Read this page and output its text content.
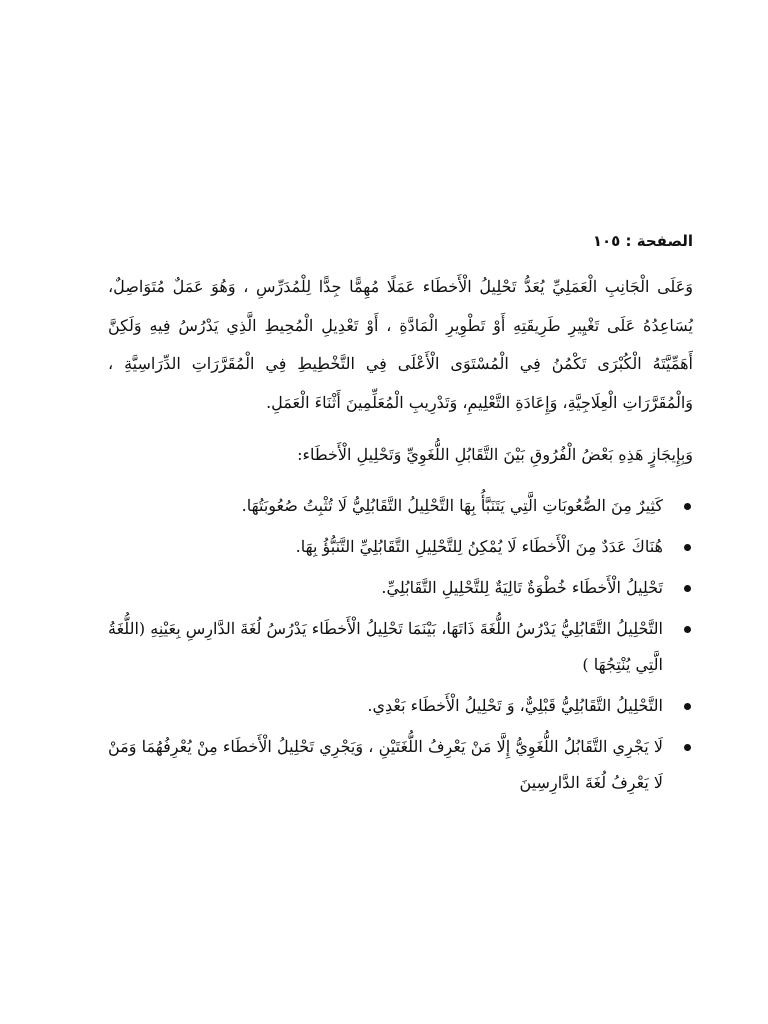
الصفحة : ١٠٥

وَعَلَى الْجَانِبِ الْعَمَلِيِّ يُعَدُّ تَحْلِيلُ الْأَخطَاء عَمَلًا مُهِمًّا جِدًّا لِلْمُدَرِّسِ ، وَهُوَ عَمَلٌ مُتَوَاصِلٌ، يُسَاعِدُهُ عَلَى تَغْيِيرِ طَرِيقَتِهِ أَوْ تَطْوِيرِ الْمَادَّةِ ، أَوْ تَعْدِيلِ الْمُحِيطِ الَّذِي يَدْرُسُ فِيهِ وَلَكِنَّ أَهَمِّيَّتَهُ الْكُبْرَى تَكْمُنُ فِي الْمُسْتَوَى الْأَعْلَى فِي التَّخْطِيطِ فِي الْمُقَرَّرَاتِ الدِّرَاسِيَّةِ ، وَالْمُقَرَّرَاتِ الْعِلَاجِيَّةِ، وَإِعَادَةِ التَّعْلِيمِ، وَتَدْرِيبِ الْمُعَلِّمِينَ أَثْنَاءَ الْعَمَلِ.

وَبِإِيجَازٍ هَذِهِ بَعْضُ الْفُرُوقِ بَيْنَ التَّقَابُلِ اللُّغَوِيِّ وَتَحْلِيلِ الْأَخطَاء:

كَثِيرٌ مِنَ الصُّعُوبَاتِ الَّتِي يَتَنَبَّأُ بِهَا التَّحْلِيلُ التَّقَابُلِيُّ لَا تُثْبِتُ صُعُوبَتُهَا.
هُنَاكَ عَدَدٌ مِنَ الْأَخطَاء لَا يُمْكِنُ لِلتَّحْلِيلِ التَّقَابُلِيِّ التَّنَبُّؤُ بِهَا.
تَحْلِيلُ الْأَخطَاء خُطْوَةٌ تَالِيَةٌ لِلتَّحْلِيلِ التَّقَابُلِيِّ.
التَّحْلِيلُ التَّقَابُلِيُّ يَدْرُسُ اللُّغَةَ ذَاتَهَا، بَيْنَمَا تَحْلِيلُ الْأَخطَاء يَدْرُسُ لُغَةَ الدَّارِسِ بِعَيْنِهِ (اللُّغَةُ الَّتِي يُنْتِجُهَا )
التَّحْلِيلُ التَّقَابُلِيُّ قَبْلِيٌّ، وَ تَحْلِيلُ الْأَخطَاء بَعْدِي.
لَا يَجْرِي التَّقَابُلُ اللُّغَوِيُّ إِلَّا مَنْ يَعْرِفُ اللُّغَتَيْنِ ، وَيَجْرِي تَحْلِيلُ الْأَخطَاء مِنْ يُعْرِفُهُمَا وَمَنْ لَا يَعْرِفُ لُغَةَ الدَّارِسِينَ
